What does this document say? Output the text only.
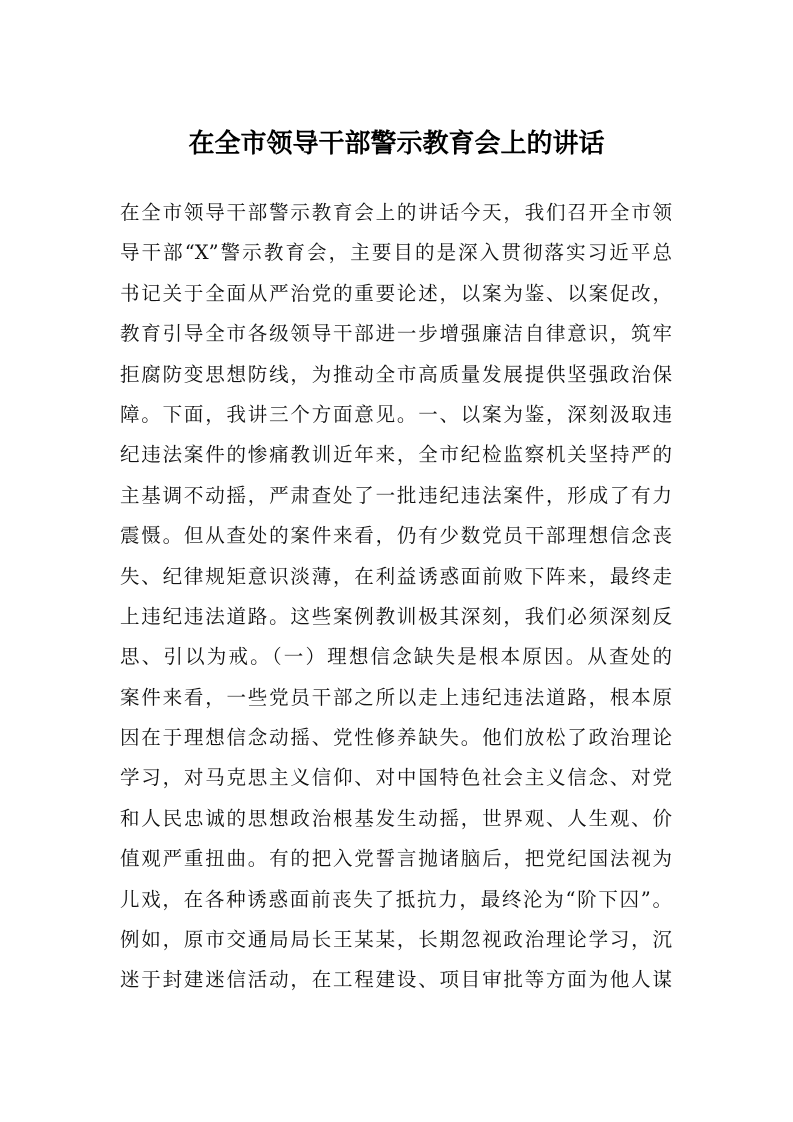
在全市领导干部警示教育会上的讲话
在全市领导干部警示教育会上的讲话今天，我们召开全市领
导干部“X”警示教育会，主要目的是深入贯彻落实习近平总
书记关于全面从严治党的重要论述，以案为鉴、以案促改，
教育引导全市各级领导干部进一步增强廉洁自律意识，筑牢
拒腐防变思想防线，为推动全市高质量发展提供坚强政治保
障。下面，我讲三个方面意见。一、以案为鉴，深刻汲取违
纪违法案件的惨痛教训近年来，全市纪检监察机关坚持严的
主基调不动摇，严肃查处了一批违纪违法案件，形成了有力
震慑。但从查处的案件来看，仍有少数党员干部理想信念丧
失、纪律规矩意识淡薄，在利益诱惑面前败下阵来，最终走
上违纪违法道路。这些案例教训极其深刻，我们必须深刻反
思、引以为戒。（一）理想信念缺失是根本原因。从查处的
案件来看，一些党员干部之所以走上违纪违法道路，根本原
因在于理想信念动摇、党性修养缺失。他们放松了政治理论
学习，对马克思主义信仰、对中国特色社会主义信念、对党
和人民忠诚的思想政治根基发生动摇，世界观、人生观、价
值观严重扭曲。有的把入党誓言抛诸脑后，把党纪国法视为
儿戏，在各种诱惑面前丧失了抵抗力，最终沦为“阶下囚”。
例如，原市交通局局长王某某，长期忽视政治理论学习，沉
迷于封建迷信活动，在工程建设、项目审批等方面为他人谋
